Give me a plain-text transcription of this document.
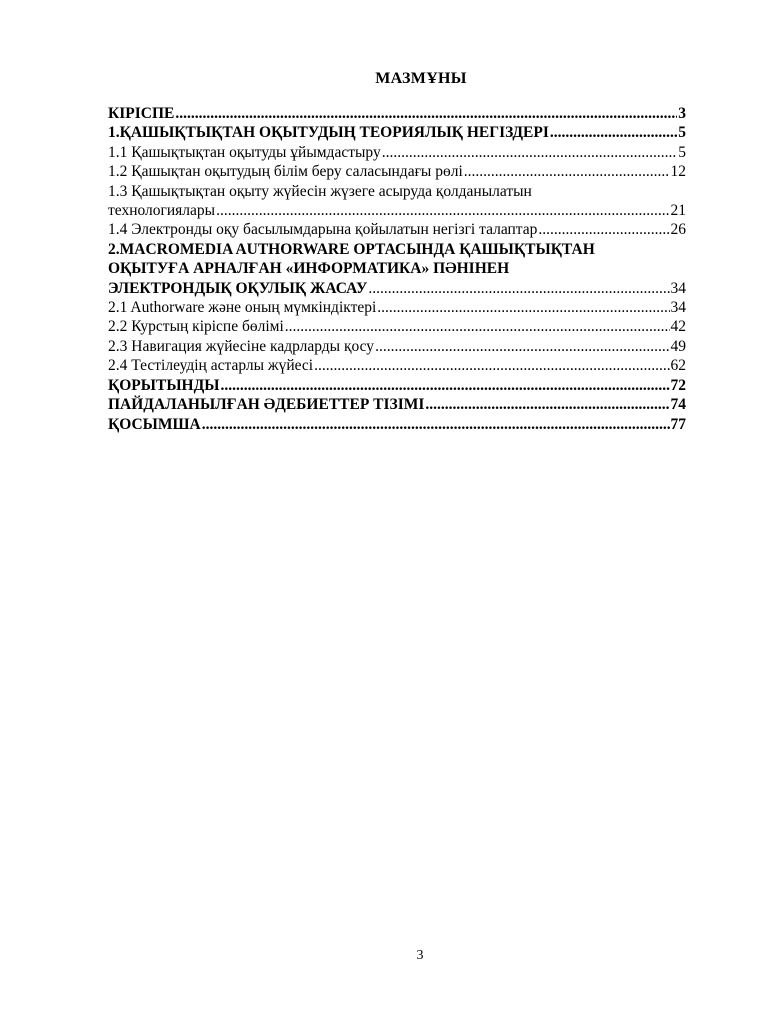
МАЗМҰНЫ
КІРІСПЕ .....	3
1.ҚАШЫҚТЫҚТАН ОҚЫТУДЫҢ ТЕОРИЯЛЫҚ НЕГІЗДЕРІ .....	5
1.1 Қашықтықтан оқытуды ұйымдастыру .....	5
1.2 Қашықтан оқытудың білім беру саласындағы рөлі .....	12
1.3 Қашықтықтан оқыту жүйесін жүзеге асыруда қолданылатын
технологиялары .....	21
1.4 Электронды оқу басылымдарына қойылатын негізгі талаптар .....	26
2.MACROMEDIA AUTHORWARE ОРТАСЫНДА ҚАШЫҚТЫҚТАН
ОҚЫТУҒА АРНАЛҒАН «ИНФОРМАТИКА» ПӘНІНЕН
ЭЛЕКТРОНДЫҚ ОҚУЛЫҚ ЖАСАУ .....	34
2.1 Authorware және оның мүмкіндіктері .....	34
2.2 Курстың кіріспе бөлімі .....	42
2.3 Навигация жүйесіне кадрларды қосу .....	49
2.4 Тестілеудің астарлы жүйесі .....	62
ҚОРЫТЫНДЫ .....	72
ПАЙДАЛАНЫЛҒАН ӘДЕБИЕТТЕР ТІЗІМІ .....	74
ҚОСЫМША .....	77
3
